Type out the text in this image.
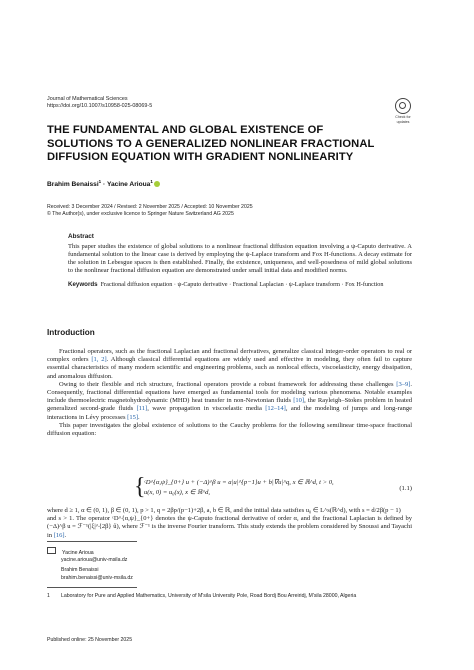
Journal of Mathematical Sciences
https://doi.org/10.1007/s10958-025-08069-5
Check for
updates
THE FUNDAMENTAL AND GLOBAL EXISTENCE OF SOLUTIONS TO A GENERALIZED NONLINEAR FRACTIONAL DIFFUSION EQUATION WITH GRADIENT NONLINEARITY
Brahim Benaissi$^1$ · Yacine Arioua$^1$
Received: 3 December 2024 / Revised: 2 November 2025 / Accepted: 10 November 2025
© The Author(s), under exclusive licence to Springer Nature Switzerland AG 2025
Abstract
This paper studies the existence of global solutions to a nonlinear fractional diffusion equation involving a ψ-Caputo derivative. A fundamental solution to the linear case is derived by employing the ψ-Laplace transform and Fox H-functions. A decay estimate for the solution in Lebesgue spaces is then established. Finally, the existence, uniqueness, and well-posedness of mild global solutions to the nonlinear fractional diffusion equation are demonstrated under small initial data and modified norms.
Keywords Fractional diffusion equation · ψ-Caputo derivative · Fractional Laplacian · ψ-Laplace transform · Fox H-function
Introduction

Fractional operators, such as the fractional Laplacian and fractional derivatives, generalize classical integer-order operators to real or complex orders [1, 2]. Although classical differential equations are widely used and effective in modeling, they often fail to capture essential characteristics of many modern scientific and engineering problems, such as nonlocal effects, viscoelasticity, energy dissipation, and anomalous diffusion.

Owing to their flexible and rich structure, fractional operators provide a robust framework for addressing these challenges [3–9]. Consequently, fractional differential equations have emerged as fundamental tools for modeling various phenomena. Notable examples include thermoelectric magnetohydrodynamic (MHD) heat transfer in non-Newtonian fluids [10], the Rayleigh–Stokes problem in heated generalized second-grade fluids [11], wave propagation in viscoelastic media [12–14], and the modeling of jumps and long-range interactions in Lévy processes [15].

This paper investigates the global existence of solutions to the Cauchy problems for the following semilinear time-space fractional diffusion equation:

{
ᶜD^{α,ψ}_{0+} u + (−Δ)^β u = a|u|^{p−1}u + b|∇u|^q, x ∈ ℝ^d, t > 0,
u(x, 0) = u₀(x), x ∈ ℝ^d,
(1.1)
where d ≥ 1, α ∈ (0, 1), β ∈ (0, 1), p > 1, q = 2βp/(p−1)+2β, a, b ∈ ℝ, and the initial data satisfies u₀ ∈ L^s(ℝ^d), with s = d/2β(p − 1)
and s > 1. The operator ᶜD^{α,ψ}_{0+} denotes the ψ-Caputo fractional derivative of order α, and the fractional Laplacian is defined by (−Δ)^β u = ℱ⁻¹(|ξ|^{2β} û), where ℱ⁻¹ is the inverse Fourier transform. This study extends the problem considered by Snoussi and Tayachi in [16].
Yacine Arioua
yacine.arioua@univ-msila.dz
Brahim Benaissi
brahim.benaissi@univ-msila.dz
1 Laboratory for Pure and Applied Mathematics, University of M'sila University Pole, Road Bordj Bou Arreiridj, M'sila 28000, Algeria
Published online: 25 November 2025
